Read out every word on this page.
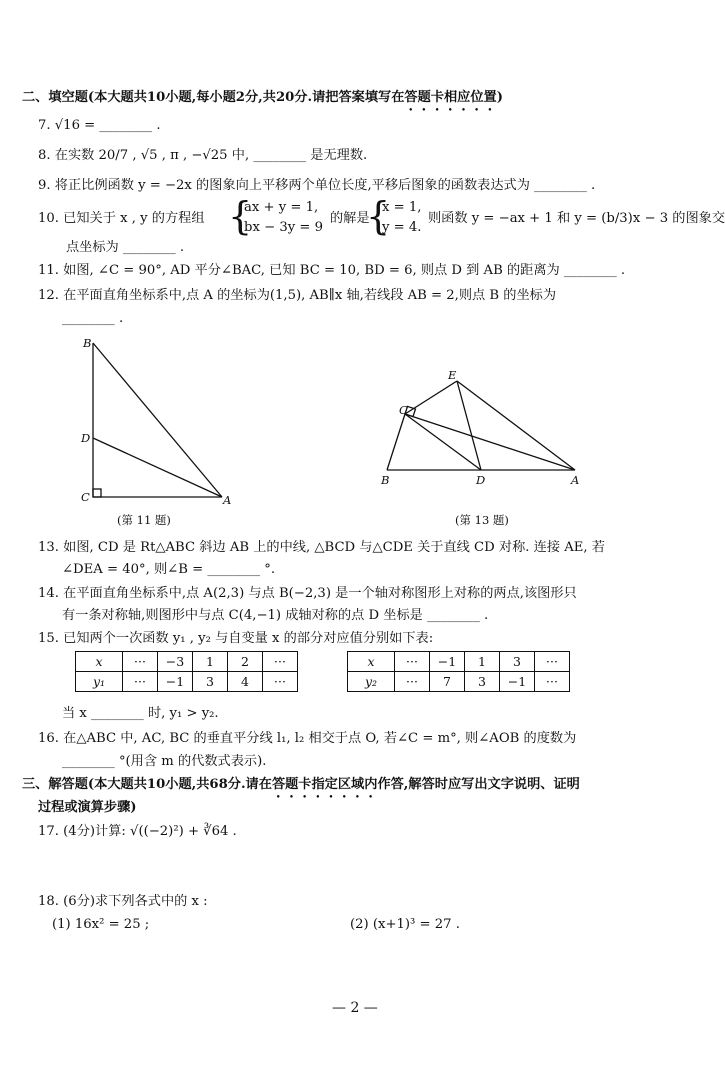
二、填空题(本大题共10小题,每小题2分,共20分.请把答案填写在答题卡相应位置)
7. √16 = ________ .
8. 在实数 20/7 , √5 , π , −√25 中, ________ 是无理数.
9. 将正比例函数 y = −2x 的图象向上平移两个单位长度,平移后图象的函数表达式为 ________ .
10. 已知关于 x , y 的方程组 {
ax + y = 1,
bx − 3y = 9
的解是
{
x = 1,
y = 4.
则函数 y = −ax + 1 和 y = (b/3)x − 3 的图象交
点坐标为 ________ .
11. 如图, ∠C = 90°, AD 平分∠BAC, 已知 BC = 10, BD = 6, 则点 D 到 AB 的距离为 ________ .
12. 在平面直角坐标系中,点 A 的坐标为(1,5), AB∥x 轴,若线段 AB = 2,则点 B 的坐标为
________ .
B
D
C	A
(第 11 题)
E
C
B	D	A
(第 13 题)
13. 如图, CD 是 Rt△ABC 斜边 AB 上的中线, △BCD 与△CDE 关于直线 CD 对称. 连接 AE, 若
∠DEA = 40°, 则∠B = ________ °.
14. 在平面直角坐标系中,点 A(2,3) 与点 B(−2,3) 是一个轴对称图形上对称的两点,该图形只
有一条对称轴,则图形中与点 C(4,−1) 成轴对称的点 D 坐标是 ________ .
15. 已知两个一次函数 y₁ , y₂ 与自变量 x 的部分对应值分别如下表:
x	···	−3	1	2	···
y₁	···	−1	3	4	···
x	···	−1	1	3	···
y₂	···	7	3	−1	···
当 x ________ 时, y₁ > y₂.
16. 在△ABC 中, AC, BC 的垂直平分线 l₁, l₂ 相交于点 O, 若∠C = m°, 则∠AOB 的度数为
________ °(用含 m 的代数式表示).
三、解答题(本大题共10小题,共68分.请在答题卡指定区域内作答,解答时应写出文字说明、证明
过程或演算步骤)
17. (4分)计算: √((−2)²) + ∛64 .
18. (6分)求下列各式中的 x :
(1) 16x² = 25 ;	(2) (x+1)³ = 27 .
— 2 —
